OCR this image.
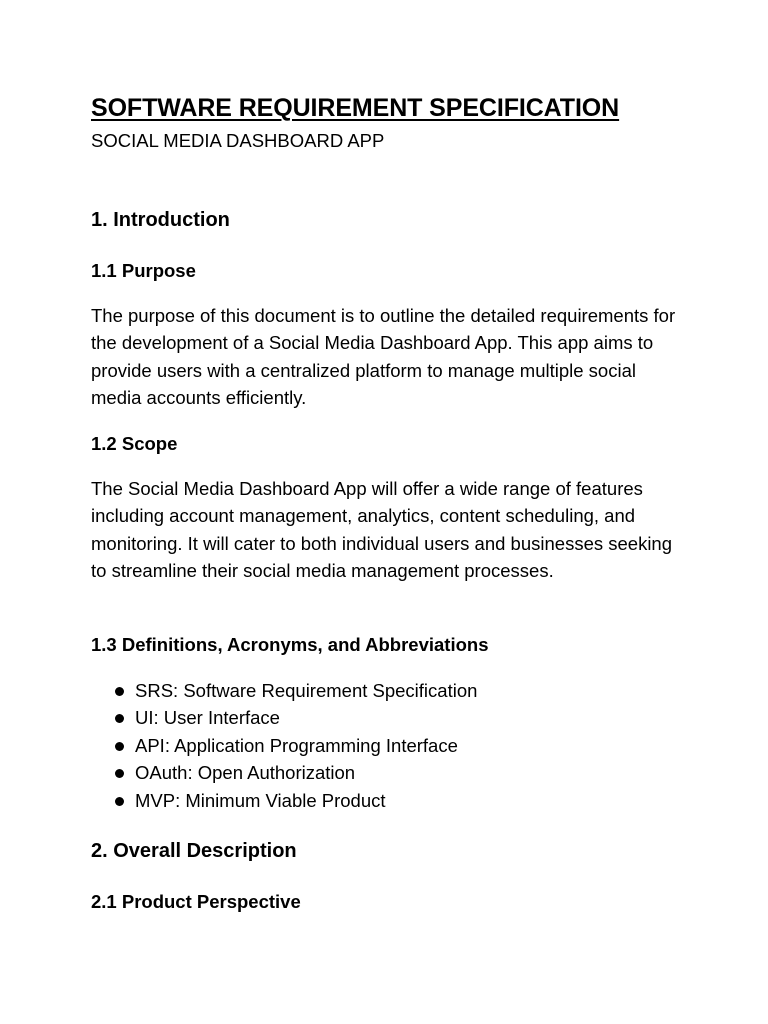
SOFTWARE REQUIREMENT SPECIFICATION

SOCIAL MEDIA DASHBOARD APP

1. Introduction
1.1 Purpose

The purpose of this document is to outline the detailed requirements for the development of a Social Media Dashboard App. This app aims to provide users with a centralized platform to manage multiple social media accounts efficiently.

1.2 Scope

The Social Media Dashboard App will offer a wide range of features including account management, analytics, content scheduling, and monitoring. It will cater to both individual users and businesses seeking to streamline their social media management processes.

1.3 Definitions, Acronyms, and Abbreviations
SRS: Software Requirement Specification
UI: User Interface
API: Application Programming Interface
OAuth: Open Authorization
MVP: Minimum Viable Product
2. Overall Description
2.1 Product Perspective
